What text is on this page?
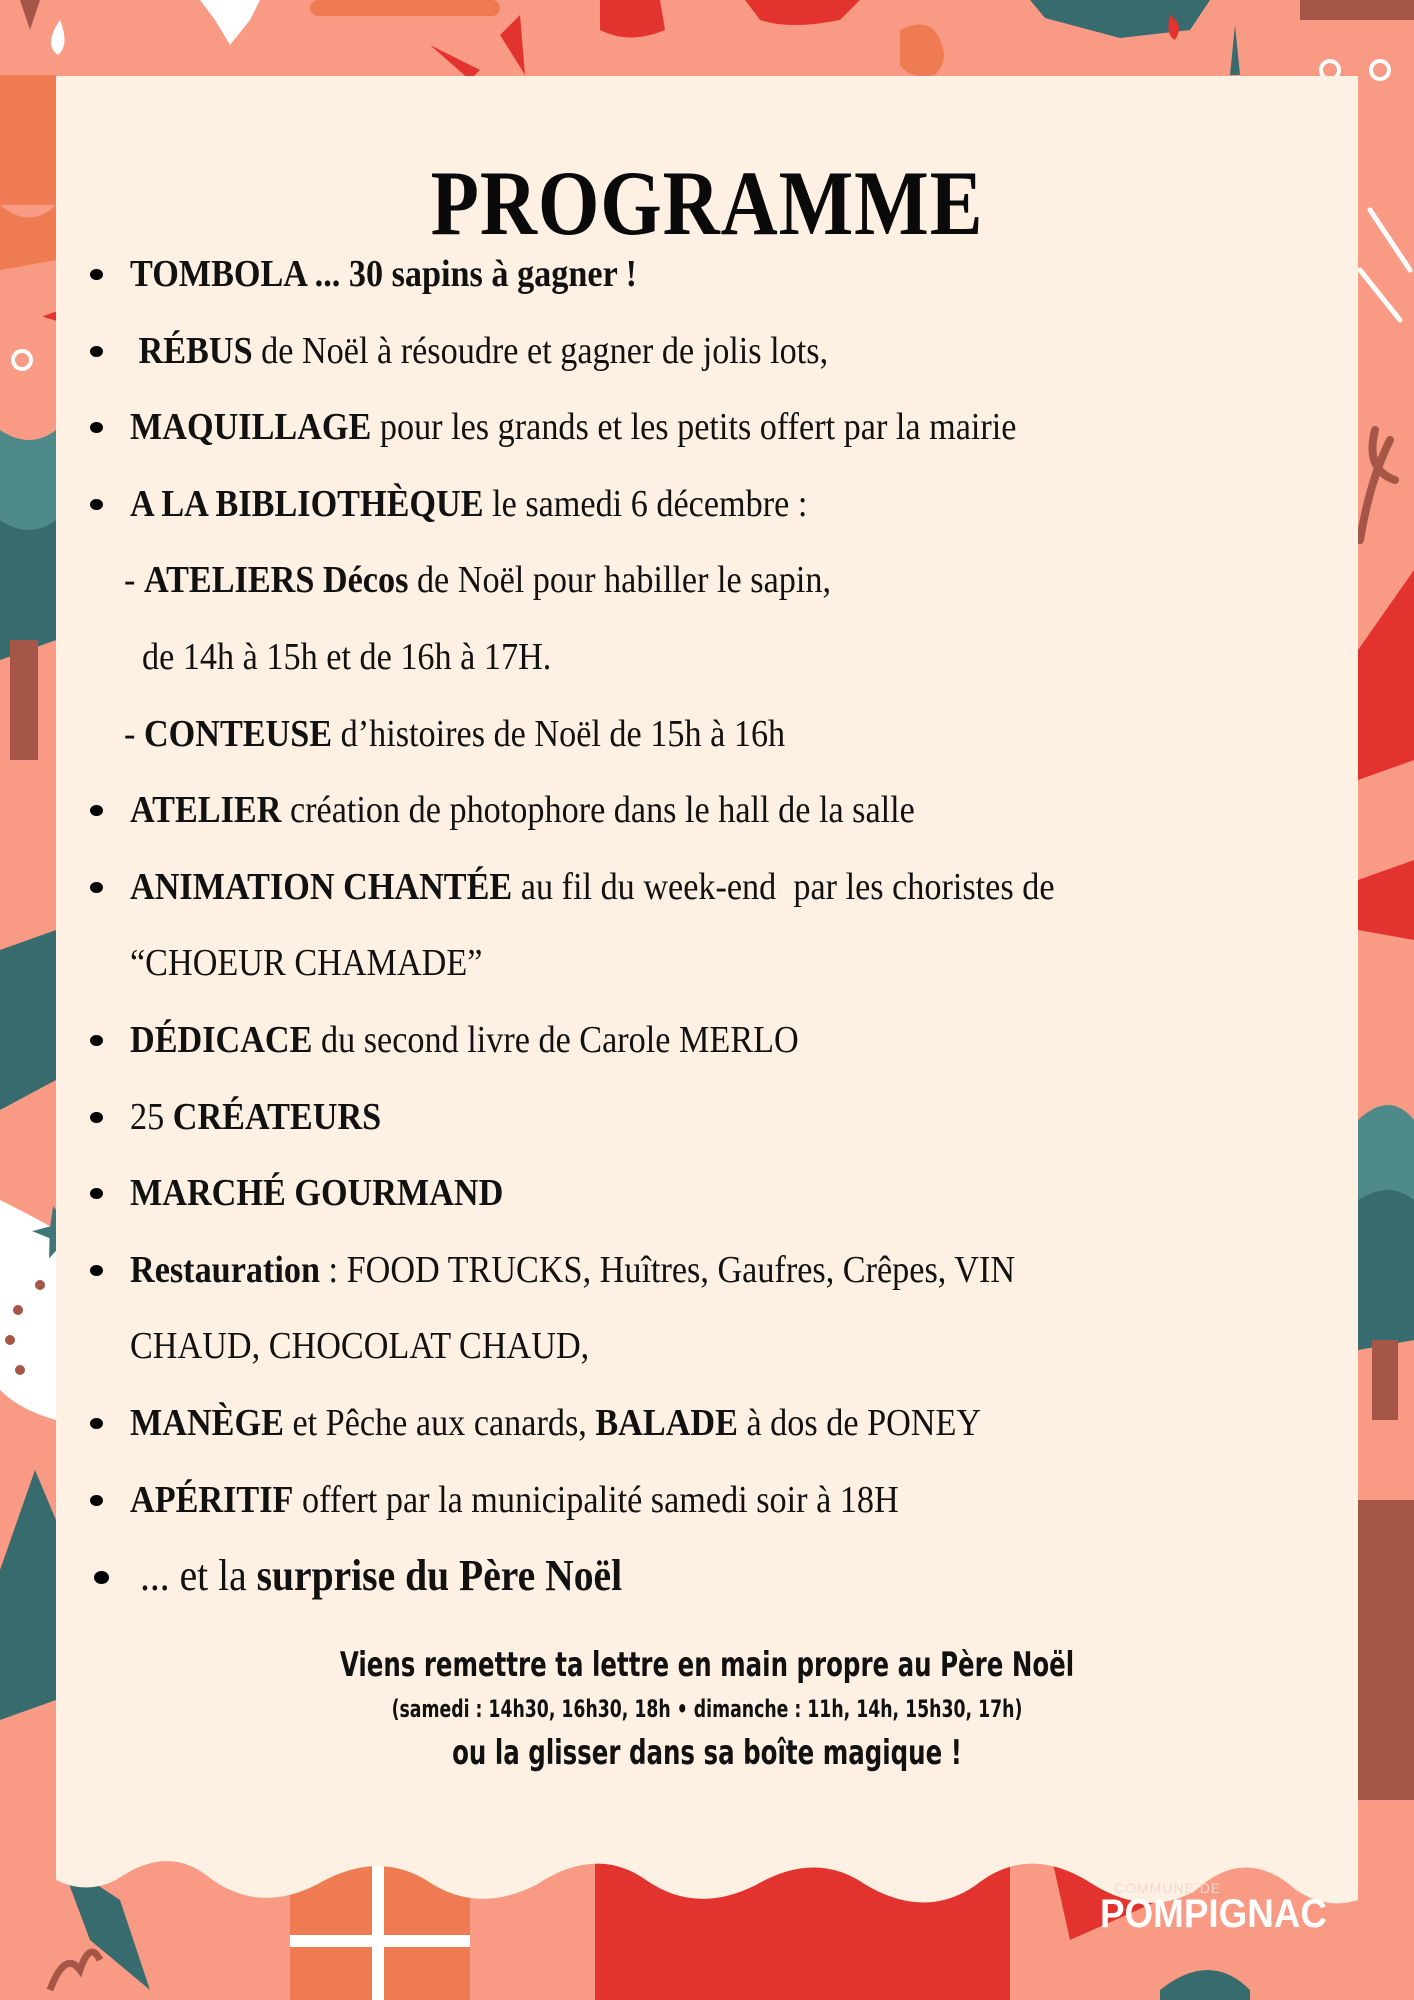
PROGRAMME
TOMBOLA ... 30 sapins à gagner !
RÉBUS de Noël à résoudre et gagner de jolis lots,
MAQUILLAGE pour les grands et les petits offert par la mairie
A LA BIBLIOTHÈQUE le samedi 6 décembre :
- ATELIERS Décos de Noël pour habiller le sapin,
de 14h à 15h et de 16h à 17H.
- CONTEUSE d’histoires de Noël de 15h à 16h
ATELIER création de photophore dans le hall de la salle
ANIMATION CHANTÉE au fil du week-end  par les choristes de
“CHOEUR CHAMADE”
DÉDICACE du second livre de Carole MERLO
25 CRÉATEURS
MARCHÉ GOURMAND
Restauration : FOOD TRUCKS, Huîtres, Gaufres, Crêpes, VIN
CHAUD, CHOCOLAT CHAUD,
MANÈGE et Pêche aux canards, BALADE à dos de PONEY
APÉRITIF offert par la municipalité samedi soir à 18H
... et la surprise du Père Noël
Viens remettre ta lettre en main propre au Père Noël
(samedi : 14h30, 16h30, 18h • dimanche : 11h, 14h, 15h30, 17h)
ou la glisser dans sa boîte magique !
COMMUNE DE
POMPIGNAC
